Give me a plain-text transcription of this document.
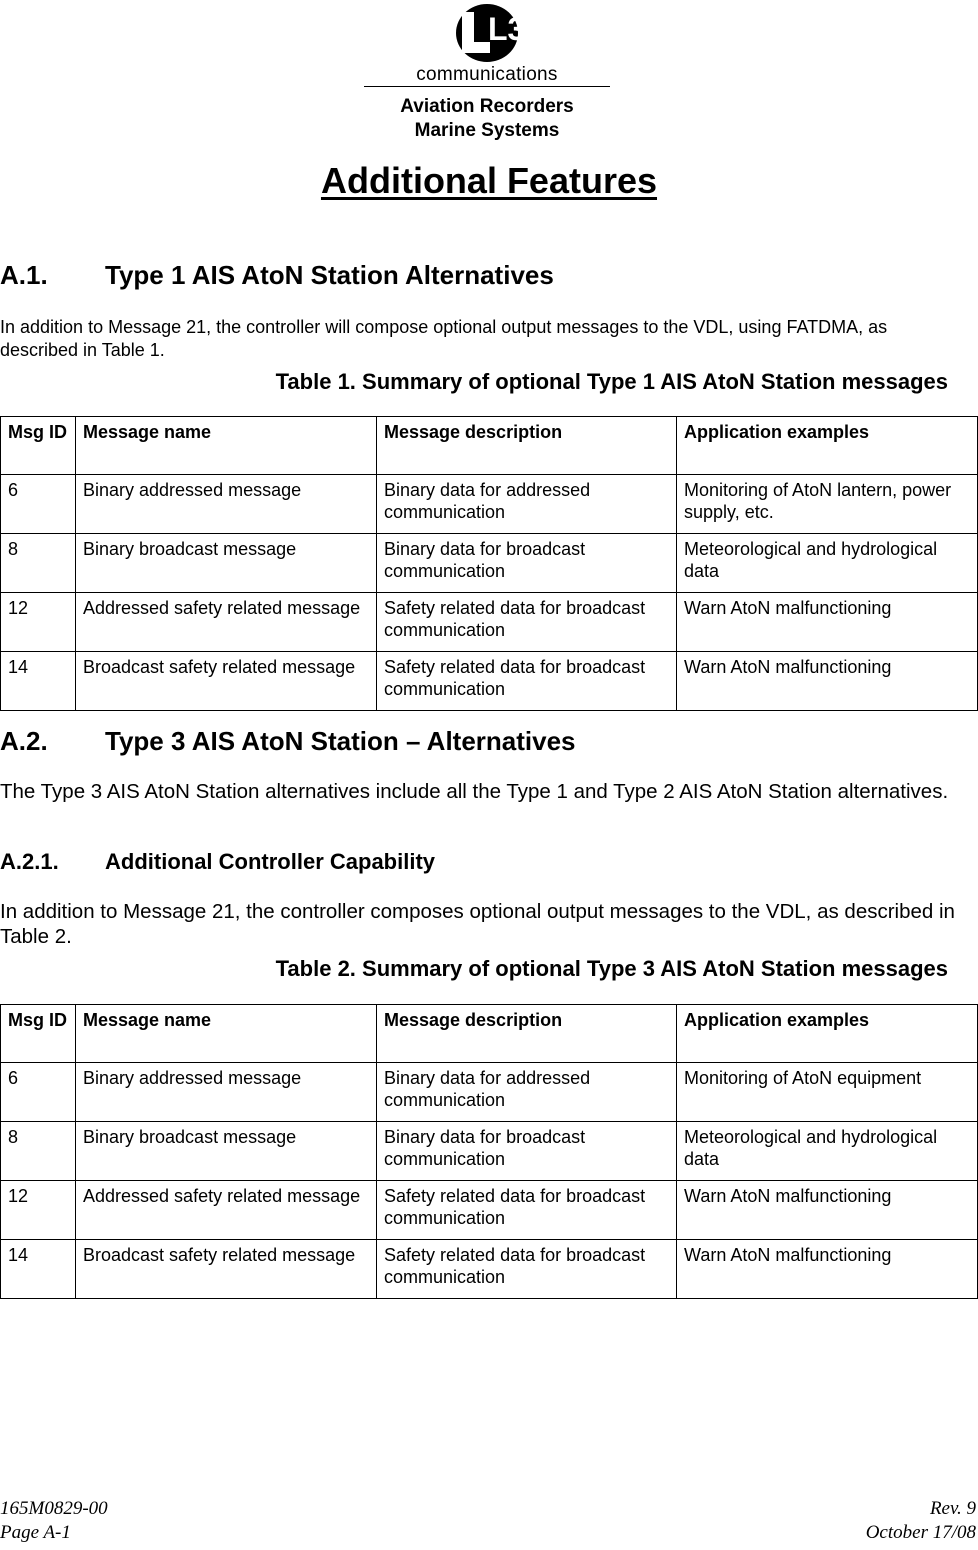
L3
communications
Aviation Recorders
Marine Systems
Additional Features
A.1. Type 1 AIS AtoN Station Alternatives
In addition to Message 21, the controller will compose optional output messages to the VDL, using FATDMA, as described in Table 1.
Table 1. Summary of optional Type 1 AIS AtoN Station messages
Msg ID	Message name	Message description	Application examples
6	Binary addressed message	Binary data for addressed communication	Monitoring of AtoN lantern, power supply, etc.
8	Binary broadcast message	Binary data for broadcast communication	Meteorological and hydrological data
12	Addressed safety related message	Safety related data for broadcast communication	Warn AtoN malfunctioning
14	Broadcast safety related message	Safety related data for broadcast communication	Warn AtoN malfunctioning
A.2. Type 3 AIS AtoN Station – Alternatives
The Type 3 AIS AtoN Station alternatives include all the Type 1 and Type 2 AIS AtoN Station alternatives.
A.2.1. Additional Controller Capability
In addition to Message 21, the controller composes optional output messages to the VDL, as described in Table 2.
Table 2. Summary of optional Type 3 AIS AtoN Station messages
Msg ID	Message name	Message description	Application examples
6	Binary addressed message	Binary data for addressed communication	Monitoring of AtoN equipment
8	Binary broadcast message	Binary data for broadcast communication	Meteorological and hydrological data
12	Addressed safety related message	Safety related data for broadcast communication	Warn AtoN malfunctioning
14	Broadcast safety related message	Safety related data for broadcast communication	Warn AtoN malfunctioning
165M0829‑00
Page A‑1
Rev. 9
October 17/08
